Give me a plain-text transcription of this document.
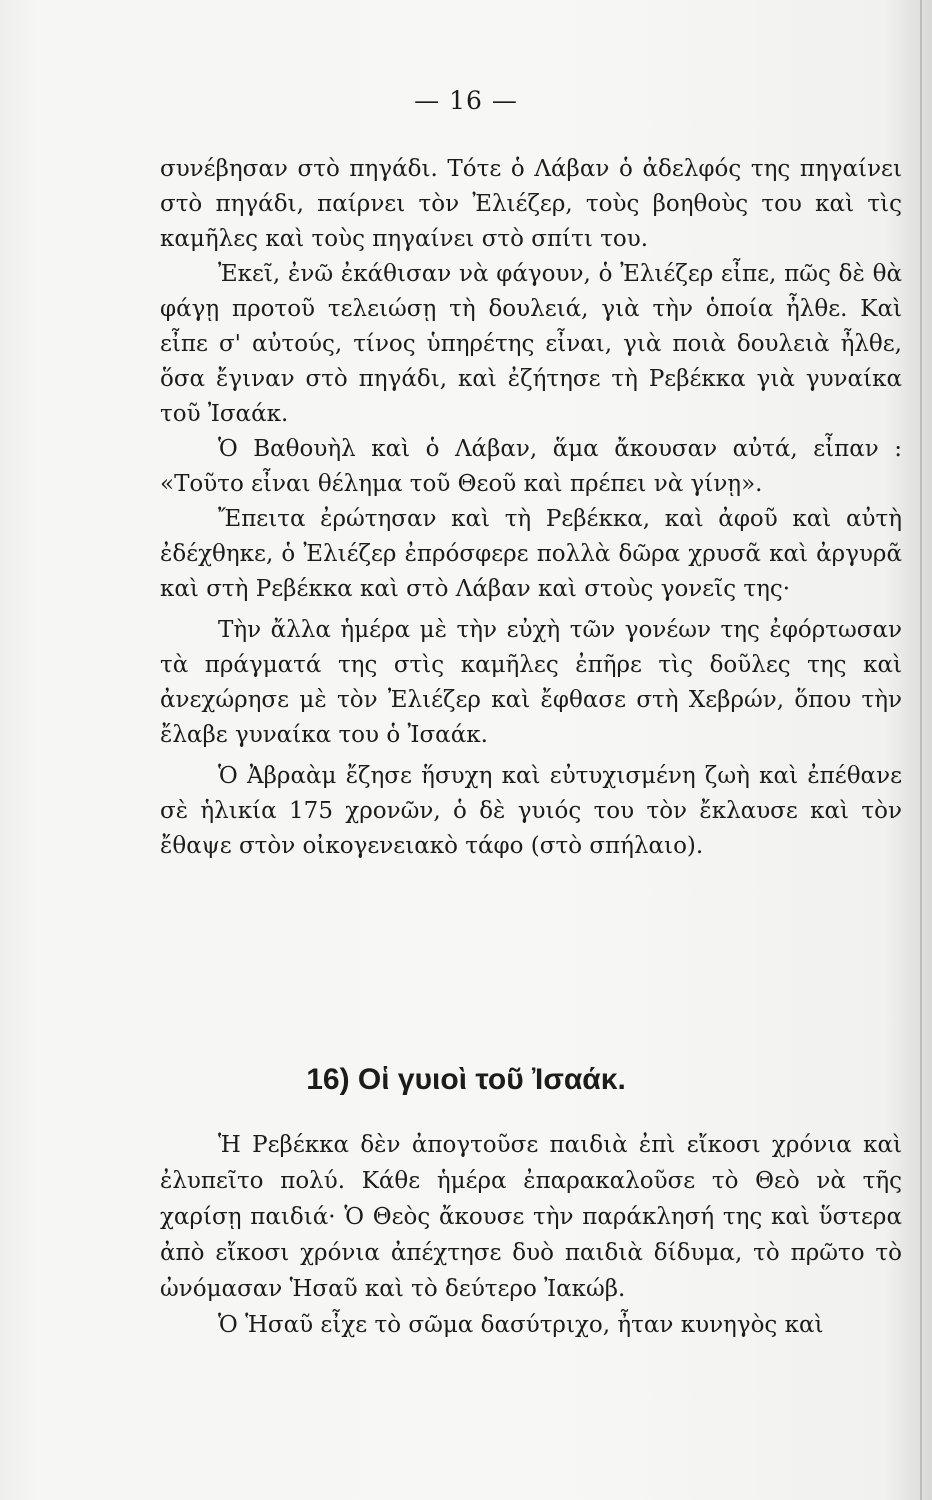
— 16 —

συνέβησαν στὸ πηγάδι. Τότε ὁ Λάβαν ὁ ἀδελφός της πηγαίνει στὸ πηγάδι, παίρνει τὸν Ἐλιέζερ, τοὺς βοηθοὺς του καὶ τὶς καμῆλες καὶ τοὺς πηγαίνει στὸ σπίτι του.

Ἐκεῖ, ἐνῶ ἐκάθισαν νὰ φάγουν, ὁ Ἐλιέζερ εἶπε, πῶς δὲ θὰ φάγῃ προτοῦ τελειώσῃ τὴ δουλειά, γιὰ τὴν ὁποία ἦλθε. Καὶ εἶπε σ' αὐτούς, τίνος ὑπηρέτης εἶναι, γιὰ ποιὰ δουλειὰ ἦλθε, ὅσα ἔγιναν στὸ πηγάδι, καὶ ἐζήτησε τὴ Ρεβέκκα γιὰ γυναίκα τοῦ Ἰσαάκ.

Ὁ Βαθουὴλ καὶ ὁ Λάβαν, ἅμα ἄκουσαν αὐτά, εἶπαν : «Τοῦτο εἶναι θέλημα τοῦ Θεοῦ καὶ πρέπει νὰ γίνῃ».

Ἔπειτα ἐρώτησαν καὶ τὴ Ρεβέκκα, καὶ ἀφοῦ καὶ αὐτὴ ἐδέχθηκε, ὁ Ἐλιέζερ ἐπρόσφερε πολλὰ δῶρα χρυσᾶ καὶ ἀργυρᾶ καὶ στὴ Ρεβέκκα καὶ στὸ Λάβαν καὶ στοὺς γονεῖς της·

Τὴν ἄλλα ἡμέρα μὲ τὴν εὐχὴ τῶν γονέων της ἐφόρτωσαν τὰ πράγματά της στὶς καμῆλες ἐπῆρε τὶς δοῦλες της καὶ ἀνεχώρησε μὲ τὸν Ἐλιέζερ καὶ ἔφθασε στὴ Χεβρών, ὅπου τὴν ἔλαβε γυναίκα του ὁ Ἰσαάκ.

Ὁ Ἀβραὰμ ἔζησε ἥσυχη καὶ εὐτυχισμένη ζωὴ καὶ ἐπέθανε σὲ ἡλικία 175 χρονῶν, ὁ δὲ γυιός του τὸν ἔκλαυσε καὶ τὸν ἔθαψε στὸν οἰκογενειακὸ τάφο (στὸ σπήλαιο).

16) Οἱ γυιοὶ τοῦ Ἰσαάκ.

Ἡ Ρεβέκκα δὲν ἀπογτοῦσε παιδιὰ ἐπὶ εἴκοσι χρόνια καὶ ἐλυπεῖτο πολύ. Κάθε ἡμέρα ἐπαρακαλοῦσε τὸ Θεὸ νὰ τῆς χαρίσῃ παιδιά· Ὁ Θεὸς ἄκουσε τὴν παράκλησή της καὶ ὕστερα ἀπὸ εἴκοσι χρόνια ἀπέχτησε δυὸ παιδιὰ δίδυμα, τὸ πρῶτο τὸ ὠνόμασαν Ἡσαῦ καὶ τὸ δεύτερο Ἰακώβ.

Ὁ Ἡσαῦ εἶχε τὸ σῶμα δασύτριχο, ἦταν κυνηγὸς καὶ
